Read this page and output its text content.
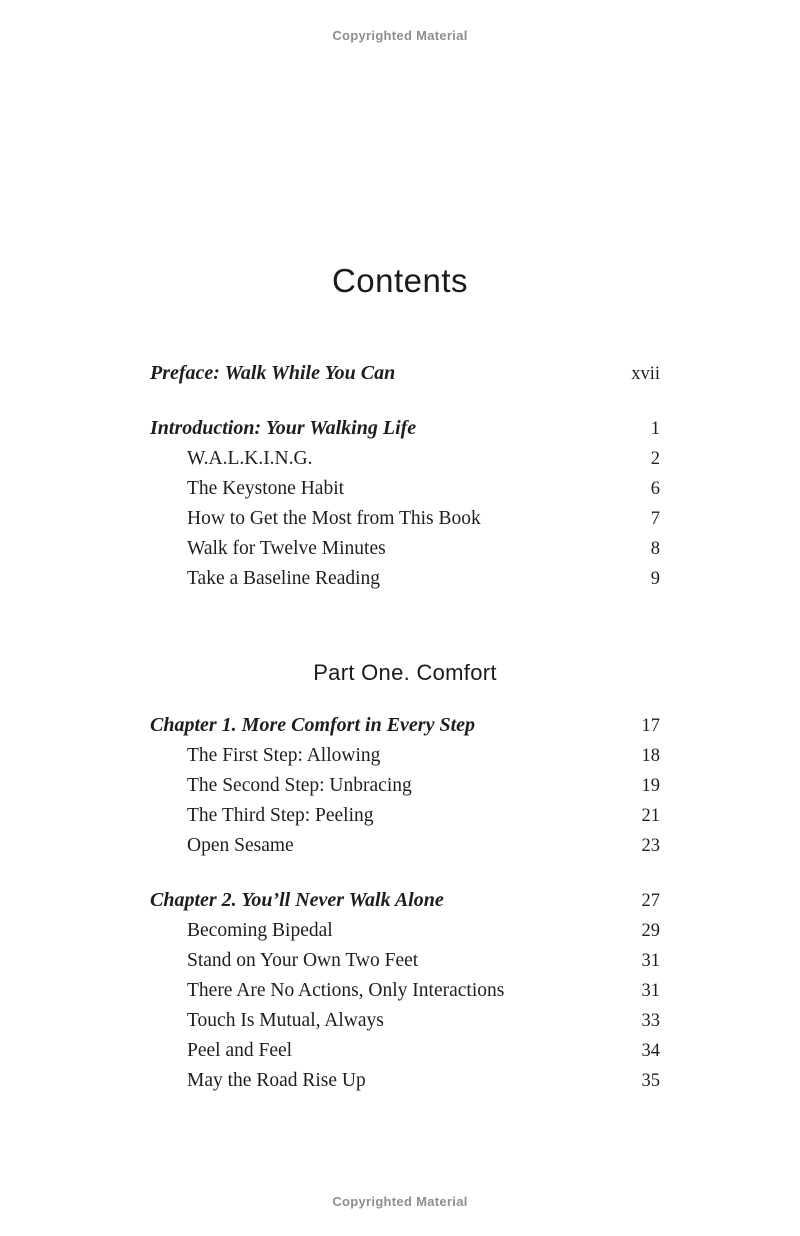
Copyrighted Material
Contents
Preface: Walk While You Can	xvii
Introduction: Your Walking Life	1
W.A.L.K.I.N.G.	2
The Keystone Habit	6
How to Get the Most from This Book	7
Walk for Twelve Minutes	8
Take a Baseline Reading	9
Part One. Comfort
Chapter 1. More Comfort in Every Step	17
The First Step: Allowing	18
The Second Step: Unbracing	19
The Third Step: Peeling	21
Open Sesame	23
Chapter 2. You’ll Never Walk Alone	27
Becoming Bipedal	29
Stand on Your Own Two Feet	31
There Are No Actions, Only Interactions	31
Touch Is Mutual, Always	33
Peel and Feel	34
May the Road Rise Up	35
Copyrighted Material
